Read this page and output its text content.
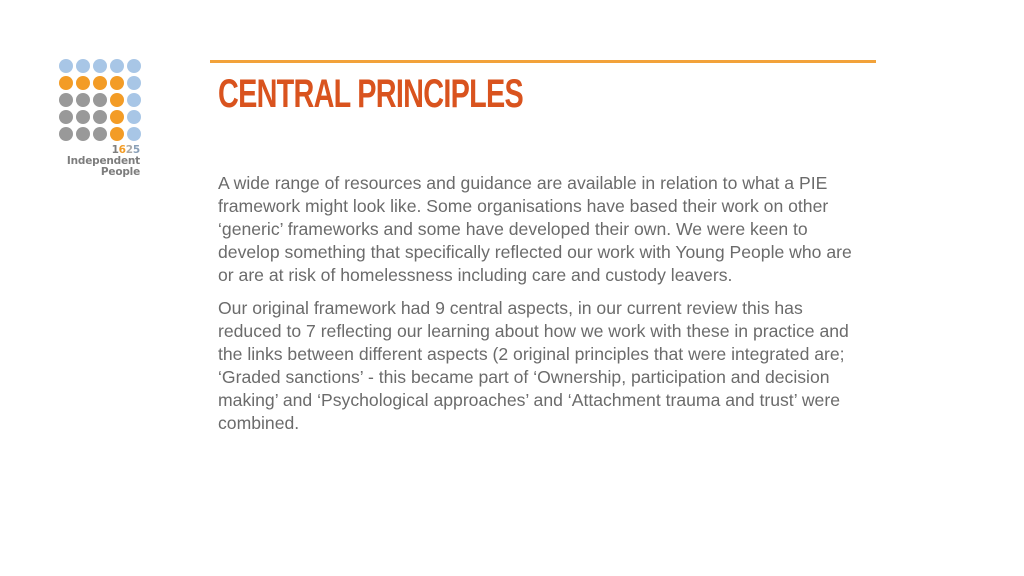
1625
Independent
People
CENTRAL PRINCIPLES

A wide range of resources and guidance are available in relation to what a PIE framework might look like. Some organisations have based their work on other ‘generic’ frameworks and some have developed their own. We were keen to develop something that specifically reflected our work with Young People who are or are at risk of homelessness including care and custody leavers.

Our original framework had 9 central aspects, in our current review this has reduced to 7 reflecting our learning about how we work with these in practice and the links between different aspects (2 original principles that were integrated are; ‘Graded sanctions’ - this became part of ‘Ownership, participation and decision making’ and ‘Psychological approaches’ and ‘Attachment trauma and trust’ were combined.
